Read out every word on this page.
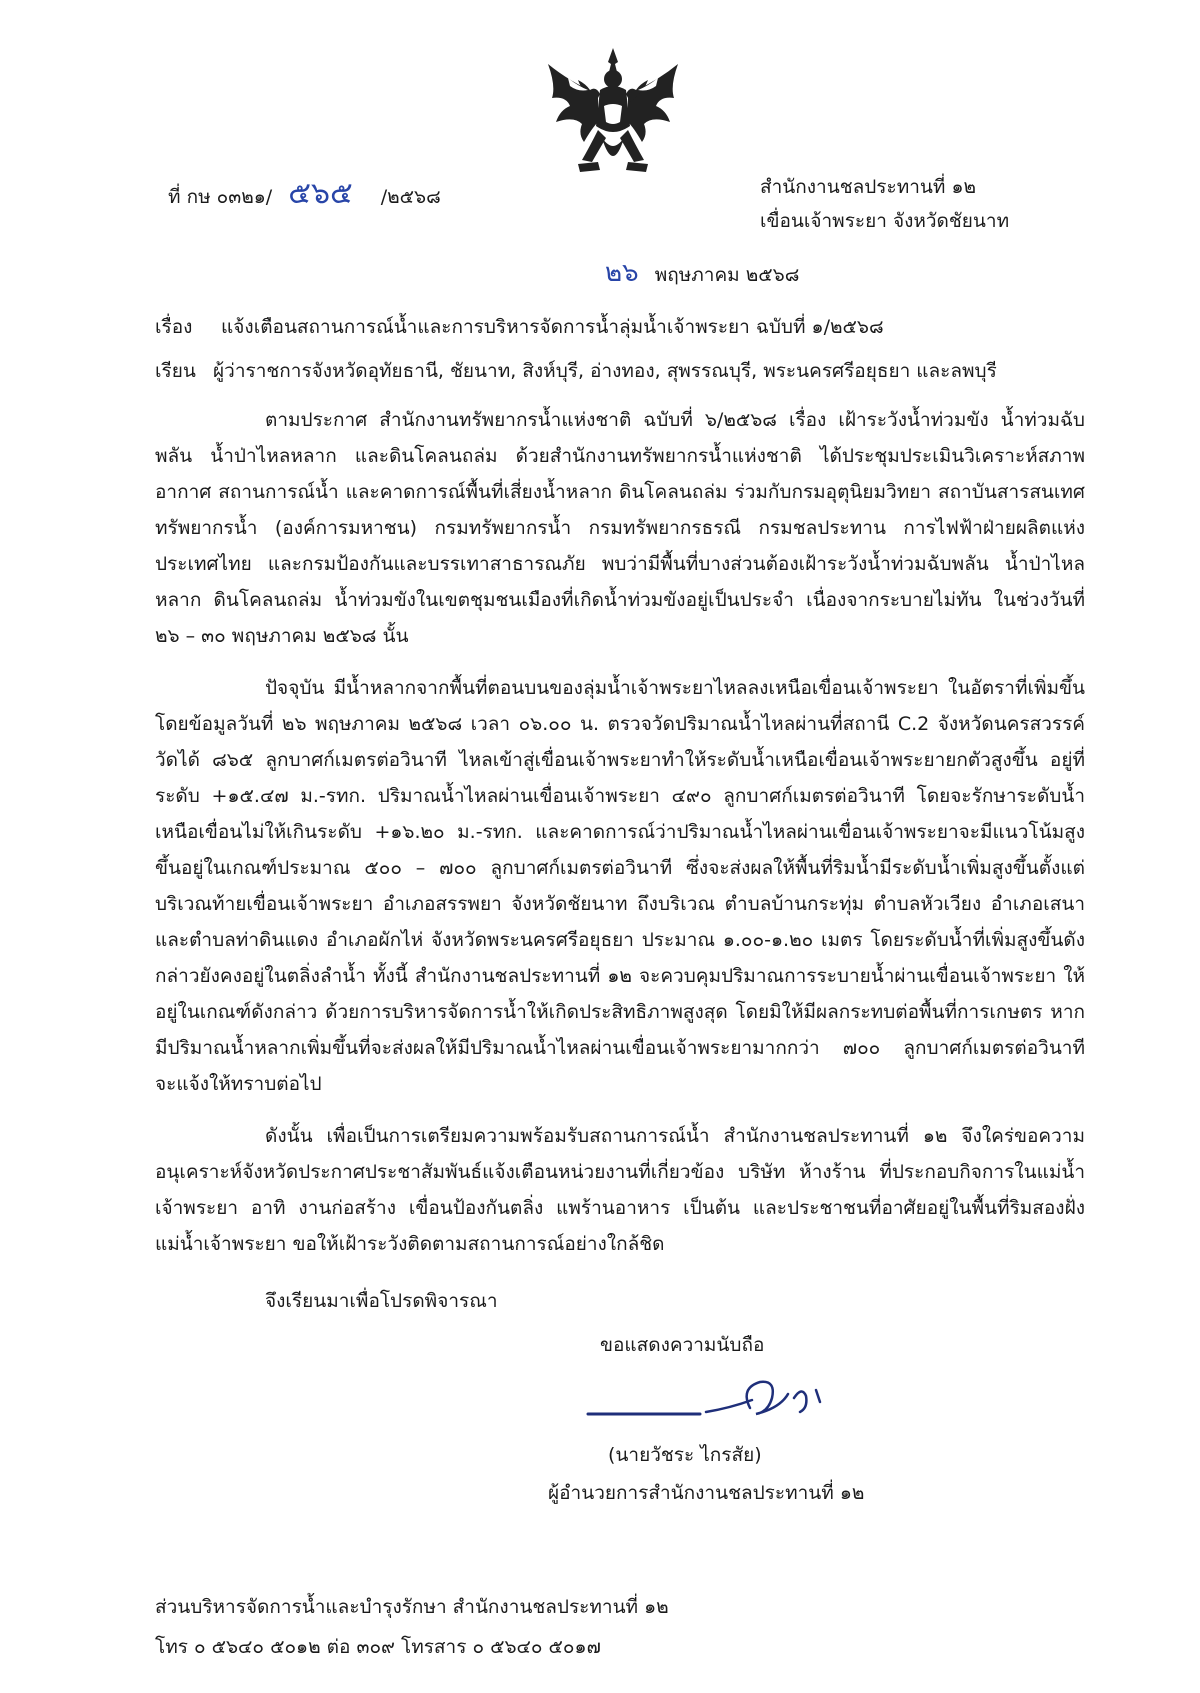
ที่ กษ ๐๓๒๑/ ๕๖๕ /๒๕๖๘	สำนักงานชลประทานที่ ๑๒
เขื่อนเจ้าพระยา จังหวัดชัยนาท
๒๖ พฤษภาคม ๒๕๖๘
เรื่อง แจ้งเตือนสถานการณ์น้ำและการบริหารจัดการน้ำลุ่มน้ำเจ้าพระยา ฉบับที่ ๑/๒๕๖๘
เรียน ผู้ว่าราชการจังหวัดอุทัยธานี, ชัยนาท, สิงห์บุรี, อ่างทอง, สุพรรณบุรี, พระนครศรีอยุธยา และลพบุรี
ตามประกาศ สำนักงานทรัพยากรน้ำแห่งชาติ ฉบับที่ ๖/๒๕๖๘ เรื่อง เฝ้าระวังน้ำท่วมขัง น้ำท่วมฉับพลัน น้ำป่าไหลหลาก และดินโคลนถล่ม ด้วยสำนักงานทรัพยากรน้ำแห่งชาติ ได้ประชุมประเมินวิเคราะห์สภาพอากาศ สถานการณ์น้ำ และคาดการณ์พื้นที่เสี่ยงน้ำหลาก ดินโคลนถล่ม ร่วมกับกรมอุตุนิยมวิทยา สถาบันสารสนเทศทรัพยากรน้ำ (องค์การมหาชน) กรมทรัพยากรน้ำ กรมทรัพยากรธรณี กรมชลประทาน การไฟฟ้าฝ่ายผลิตแห่งประเทศไทย และกรมป้องกันและบรรเทาสาธารณภัย พบว่ามีพื้นที่บางส่วนต้องเฝ้าระวังน้ำท่วมฉับพลัน น้ำป่าไหลหลาก ดินโคลนถล่ม น้ำท่วมขังในเขตชุมชนเมืองที่เกิดน้ำท่วมขังอยู่เป็นประจำ เนื่องจากระบายไม่ทัน ในช่วงวันที่ ๒๖ – ๓๐ พฤษภาคม ๒๕๖๘ นั้น
ปัจจุบัน มีน้ำหลากจากพื้นที่ตอนบนของลุ่มน้ำเจ้าพระยาไหลลงเหนือเขื่อนเจ้าพระยา ในอัตราที่เพิ่มขึ้น โดยข้อมูลวันที่ ๒๖ พฤษภาคม ๒๕๖๘ เวลา ๐๖.๐๐ น. ตรวจวัดปริมาณน้ำไหลผ่านที่สถานี C.2 จังหวัดนครสวรรค์ วัดได้ ๘๖๕ ลูกบาศก์เมตรต่อวินาที ไหลเข้าสู่เขื่อนเจ้าพระยาทำให้ระดับน้ำเหนือเขื่อนเจ้าพระยายกตัวสูงขึ้น อยู่ที่ระดับ +๑๕.๔๗ ม.-รทก. ปริมาณน้ำไหลผ่านเขื่อนเจ้าพระยา ๔๙๐ ลูกบาศก์เมตรต่อวินาที โดยจะรักษาระดับน้ำเหนือเขื่อนไม่ให้เกินระดับ +๑๖.๒๐ ม.-รทก. และคาดการณ์ว่าปริมาณน้ำไหลผ่านเขื่อนเจ้าพระยาจะมีแนวโน้มสูงขึ้นอยู่ในเกณฑ์ประมาณ ๕๐๐ – ๗๐๐ ลูกบาศก์เมตรต่อวินาที ซึ่งจะส่งผลให้พื้นที่ริมน้ำมีระดับน้ำเพิ่มสูงขึ้นตั้งแต่บริเวณท้ายเขื่อนเจ้าพระยา อำเภอสรรพยา จังหวัดชัยนาท ถึงบริเวณ ตำบลบ้านกระทุ่ม ตำบลหัวเวียง อำเภอเสนา และตำบลท่าดินแดง อำเภอผักไห่ จังหวัดพระนครศรีอยุธยา ประมาณ ๑.๐๐-๑.๒๐ เมตร โดยระดับน้ำที่เพิ่มสูงขึ้นดังกล่าวยังคงอยู่ในตลิ่งลำน้ำ ทั้งนี้ สำนักงานชลประทานที่ ๑๒ จะควบคุมปริมาณการระบายน้ำผ่านเขื่อนเจ้าพระยา ให้อยู่ในเกณฑ์ดังกล่าว ด้วยการบริหารจัดการน้ำให้เกิดประสิทธิภาพสูงสุด โดยมิให้มีผลกระทบต่อพื้นที่การเกษตร หากมีปริมาณน้ำหลากเพิ่มขึ้นที่จะส่งผลให้มีปริมาณน้ำไหลผ่านเขื่อนเจ้าพระยามากกว่า ๗๐๐ ลูกบาศก์เมตรต่อวินาที จะแจ้งให้ทราบต่อไป
ดังนั้น เพื่อเป็นการเตรียมความพร้อมรับสถานการณ์น้ำ สำนักงานชลประทานที่ ๑๒ จึงใคร่ขอความอนุเคราะห์จังหวัดประกาศประชาสัมพันธ์แจ้งเตือนหน่วยงานที่เกี่ยวข้อง บริษัท ห้างร้าน ที่ประกอบกิจการในแม่น้ำเจ้าพระยา อาทิ งานก่อสร้าง เขื่อนป้องกันตลิ่ง แพร้านอาหาร เป็นต้น และประชาชนที่อาศัยอยู่ในพื้นที่ริมสองฝั่งแม่น้ำเจ้าพระยา ขอให้เฝ้าระวังติดตามสถานการณ์อย่างใกล้ชิด
จึงเรียนมาเพื่อโปรดพิจารณา
ขอแสดงความนับถือ
(นายวัชระ ไกรสัย)
ผู้อำนวยการสำนักงานชลประทานที่ ๑๒
ส่วนบริหารจัดการน้ำและบำรุงรักษา สำนักงานชลประทานที่ ๑๒
โทร ๐ ๕๖๔๐ ๕๐๑๒ ต่อ ๓๐๙ โทรสาร ๐ ๕๖๔๐ ๕๐๑๗
